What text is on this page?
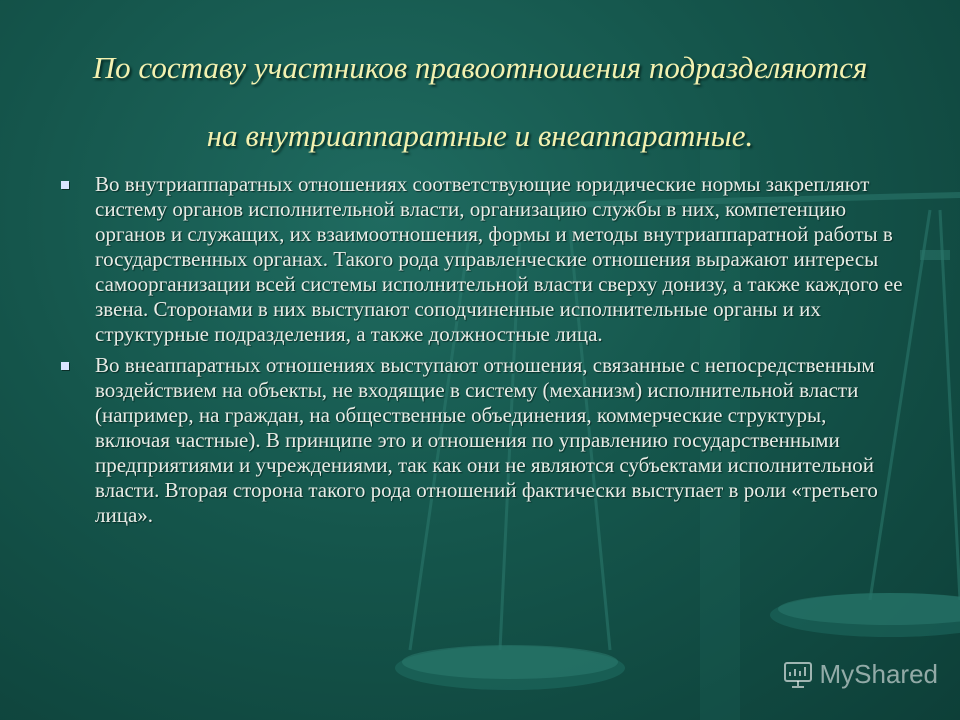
По составу участников правоотношения подразделяются
на внутриаппаратные и внеаппаратные.
Во внутриаппаратных отношениях соответствующие юридические нормы закрепляют систему органов исполнительной власти, организацию службы в них, компетенцию органов и служащих, их взаимоотношения, формы и методы внутриаппаратной работы в государственных органах. Такого рода управленческие отношения выражают интересы самоорганизации всей системы исполнительной власти сверху донизу, а также каждого ее звена. Сторонами в них выступают соподчиненные исполнительные органы и их структурные подразделения, а также должностные лица.
Во внеаппаратных отношениях выступают отношения, связанные с непосредственным воздействием на объекты, не входящие в систему (механизм) исполнительной власти (например, на граждан, на общественные объединения, коммерческие структуры, включая частные). В принципе это и отношения по управлению государственными предприятиями и учреждениями, так как они не являются субъектами исполнительной власти. Вторая сторона такого рода отношений фактически выступает в роли «третьего лица».
MyShared
